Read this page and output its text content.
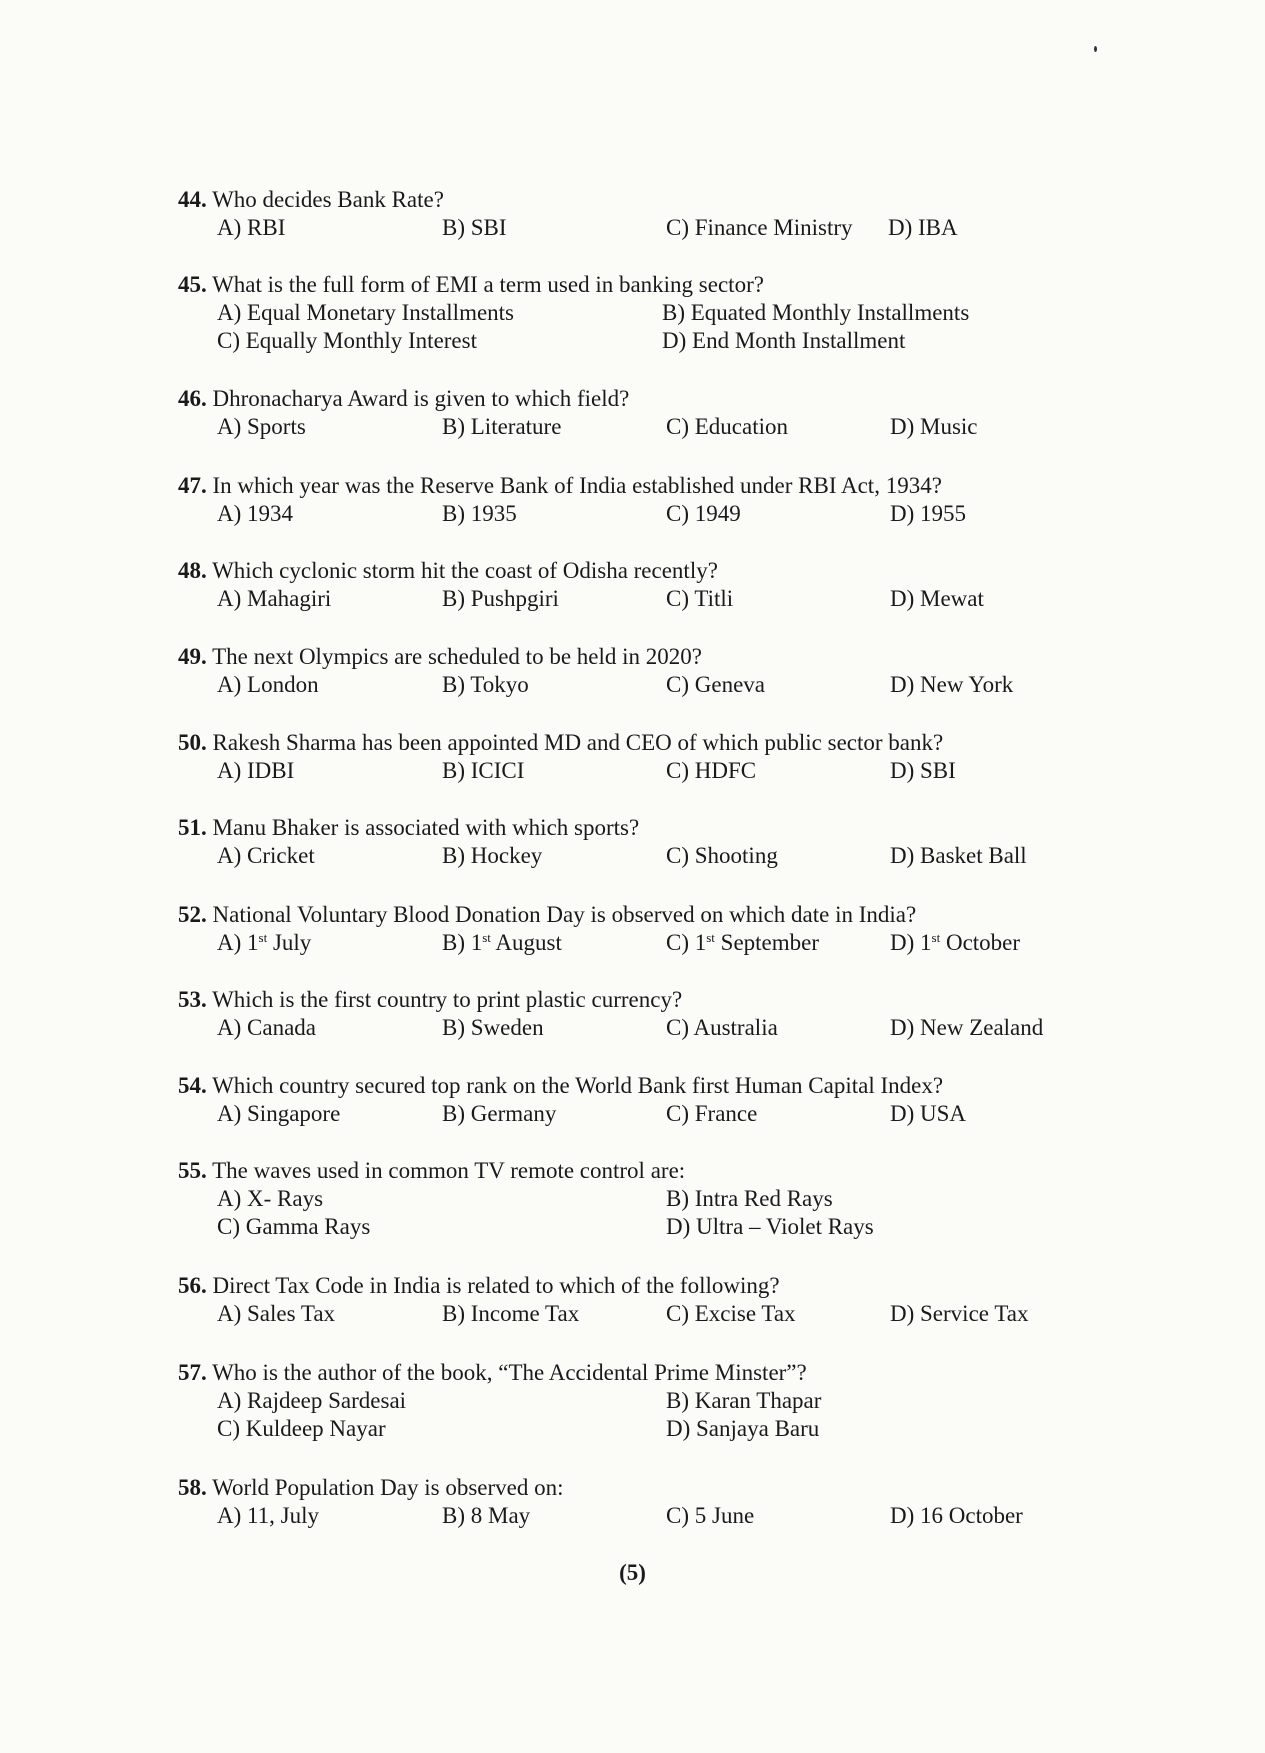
44. Who decides Bank Rate?
A) RBI	B) SBI	C) Finance Ministry D) IBA
45. What is the full form of EMI a term used in banking sector?
A) Equal Monetary Installments	B) Equated Monthly Installments
C) Equally Monthly Interest	D) End Month Installment
46. Dhronacharya Award is given to which field?
A) Sports	B) Literature	C) Education	D) Music
47. In which year was the Reserve Bank of India established under RBI Act, 1934?
A) 1934	B) 1935	C) 1949	D) 1955
48. Which cyclonic storm hit the coast of Odisha recently?
A) Mahagiri	B) Pushpgiri	C) Titli	D) Mewat
49. The next Olympics are scheduled to be held in 2020?
A) London	B) Tokyo	C) Geneva	D) New York
50. Rakesh Sharma has been appointed MD and CEO of which public sector bank?
A) IDBI	B) ICICI	C) HDFC	D) SBI
51. Manu Bhaker is associated with which sports?
A) Cricket	B) Hockey	C) Shooting	D) Basket Ball
52. National Voluntary Blood Donation Day is observed on which date in India?
A) 1st July	B) 1st August	C) 1st September	D) 1st October
53. Which is the first country to print plastic currency?
A) Canada	B) Sweden	C) Australia	D) New Zealand
54. Which country secured top rank on the World Bank first Human Capital Index?
A) Singapore	B) Germany	C) France	D) USA
55. The waves used in common TV remote control are:
A) X- Rays	B) Intra Red Rays
C) Gamma Rays	D) Ultra – Violet Rays
56. Direct Tax Code in India is related to which of the following?
A) Sales Tax	B) Income Tax	C) Excise Tax	D) Service Tax
57. Who is the author of the book, “The Accidental Prime Minster”?
A) Rajdeep Sardesai	B) Karan Thapar
C) Kuldeep Nayar	D) Sanjaya Baru
58. World Population Day is observed on:
A) 11, July	B) 8 May	C) 5 June	D) 16 October
(5)
